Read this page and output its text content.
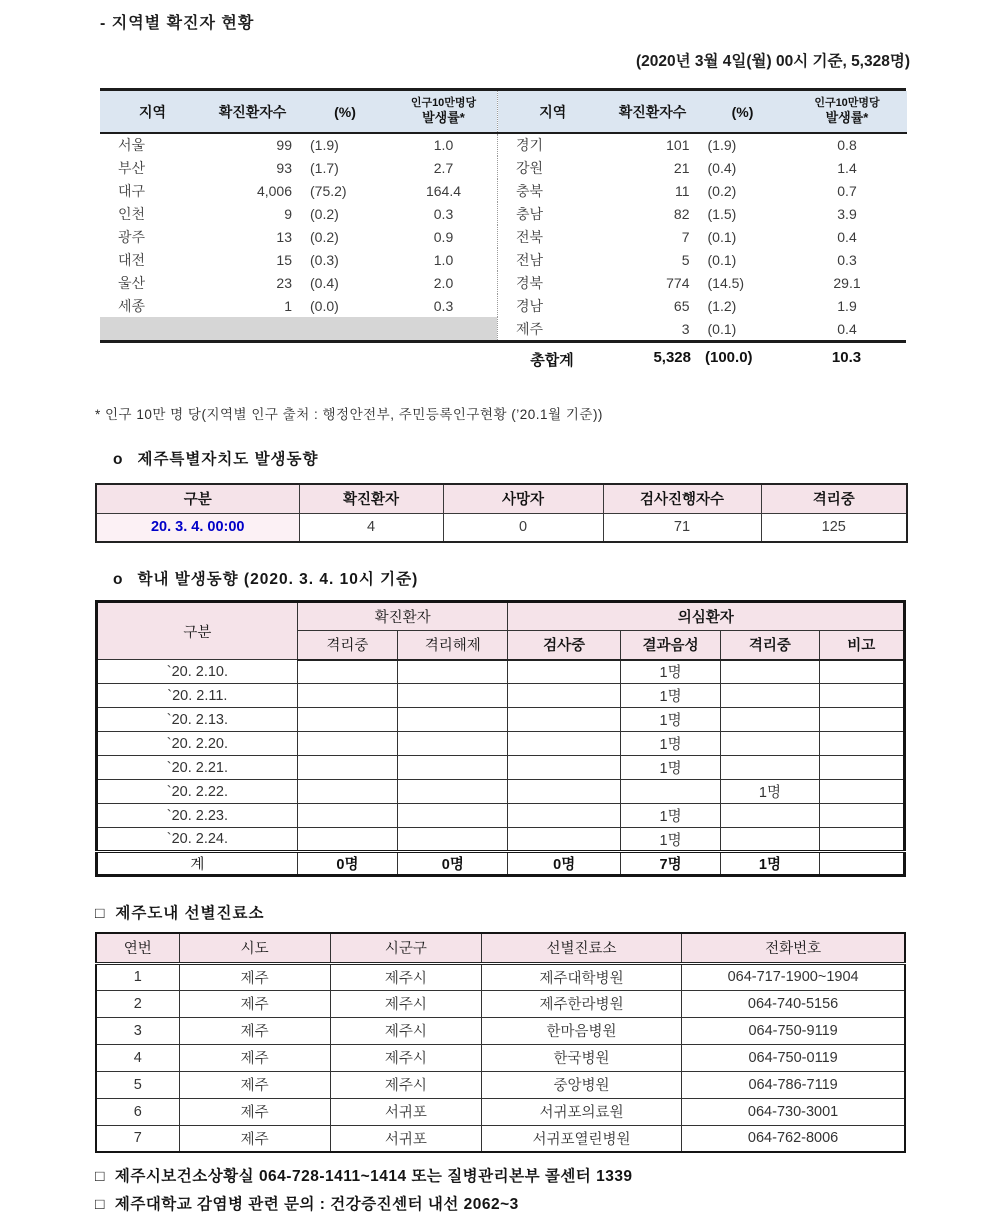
- 지역별 확진자 현황
(2020년 3월 4일(월) 00시 기준, 5,328명)
지역	확진환자수	(%)	인구10만명당
발생률*
서울	99	(1.9)	1.0
부산	93	(1.7)	2.7
대구	4,006	(75.2)	164.4
인천	9	(0.2)	0.3
광주	13	(0.2)	0.9
대전	15	(0.3)	1.0
울산	23	(0.4)	2.0
세종	1	(0.0)	0.3

지역	확진환자수	(%)	인구10만명당
발생률*
경기	101	(1.9)	0.8
강원	21	(0.4)	1.4
충북	11	(0.2)	0.7
충남	82	(1.5)	3.9
전북	7	(0.1)	0.4
전남	5	(0.1)	0.3
경북	774	(14.5)	29.1
경남	65	(1.2)	1.9
제주	3	(0.1)	0.4
총합계	5,328 (100.0)	10.3
* 인구 10만 명 당(지역별 인구 출처 : 행정안전부, 주민등록인구현황 (’20.1월 기준))
o 제주특별자치도 발생동향
구분	확진환자	사망자	검사진행자수	격리중
20. 3. 4. 00:00	4	0	71	125
o 학내 발생동향 (2020. 3. 4. 10시 기준)
구분	확진환자		의심환자			
	격리중	격리해제	검사중	결과음성	격리중	비고
`20. 2.10.				1명		
`20. 2.11.				1명		
`20. 2.13.				1명		
`20. 2.20.				1명		
`20. 2.21.				1명		
`20. 2.22.					1명	
`20. 2.23.				1명		
`20. 2.24.				1명		
계	0명	0명	0명	7명	1명	
□ 제주도내 선별진료소
연번	시도	시군구	선별진료소	전화번호
1	제주	제주시	제주대학병원	064-717-1900~1904
2	제주	제주시	제주한라병원	064-740-5156
3	제주	제주시	한마음병원	064-750-9119
4	제주	제주시	한국병원	064-750-0119
5	제주	제주시	중앙병원	064-786-7119
6	제주	서귀포	서귀포의료원	064-730-3001
7	제주	서귀포	서귀포열린병원	064-762-8006
□ 제주시보건소상황실 064-728-1411~1414 또는 질병관리본부 콜센터 1339
□ 제주대학교 감염병 관련 문의 : 건강증진센터 내선 2062~3
